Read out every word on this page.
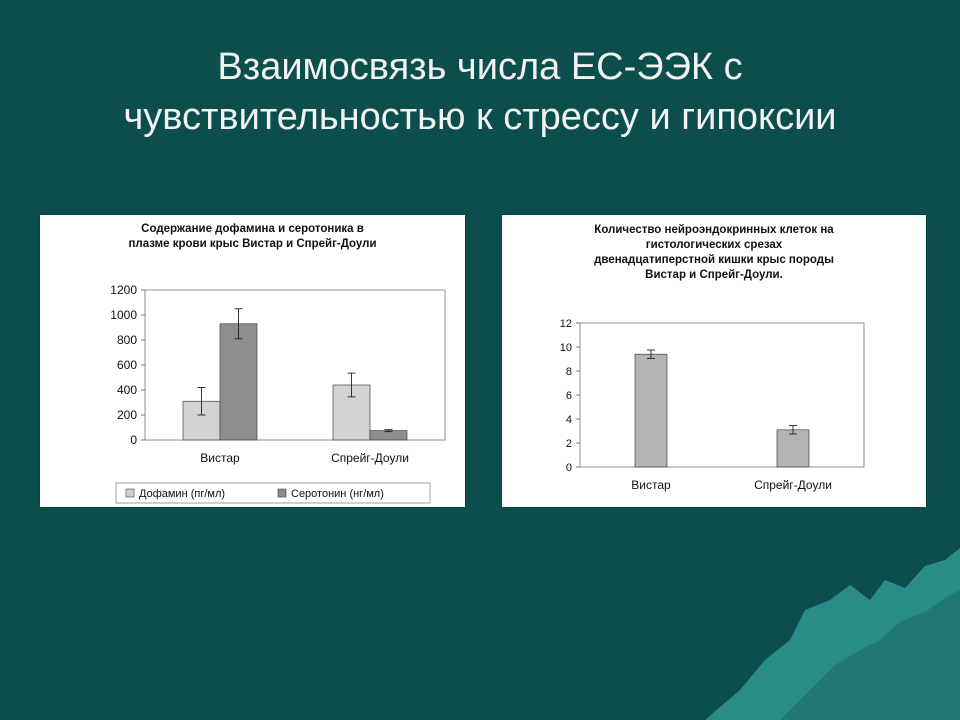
Взаимосвязь числа ЕС-ЭЭК с
чувствительностью к стрессу и гипоксии
Содержание дофамина и серотоника в
плазме крови крыс Вистар и Спрейг-Доули
0
200
400
600
800
1000
1200
Вистар	Спрейг-Доули
Дофамин (пг/мл)	Серотонин (нг/мл)
Количество нейроэндокринных клеток на
гистологических срезах
двенадцатиперстной кишки крыс породы
Вистар и Спрейг-Доули.
0
2
4
6
8
10
12
Вистар	Спрейг-Доули
